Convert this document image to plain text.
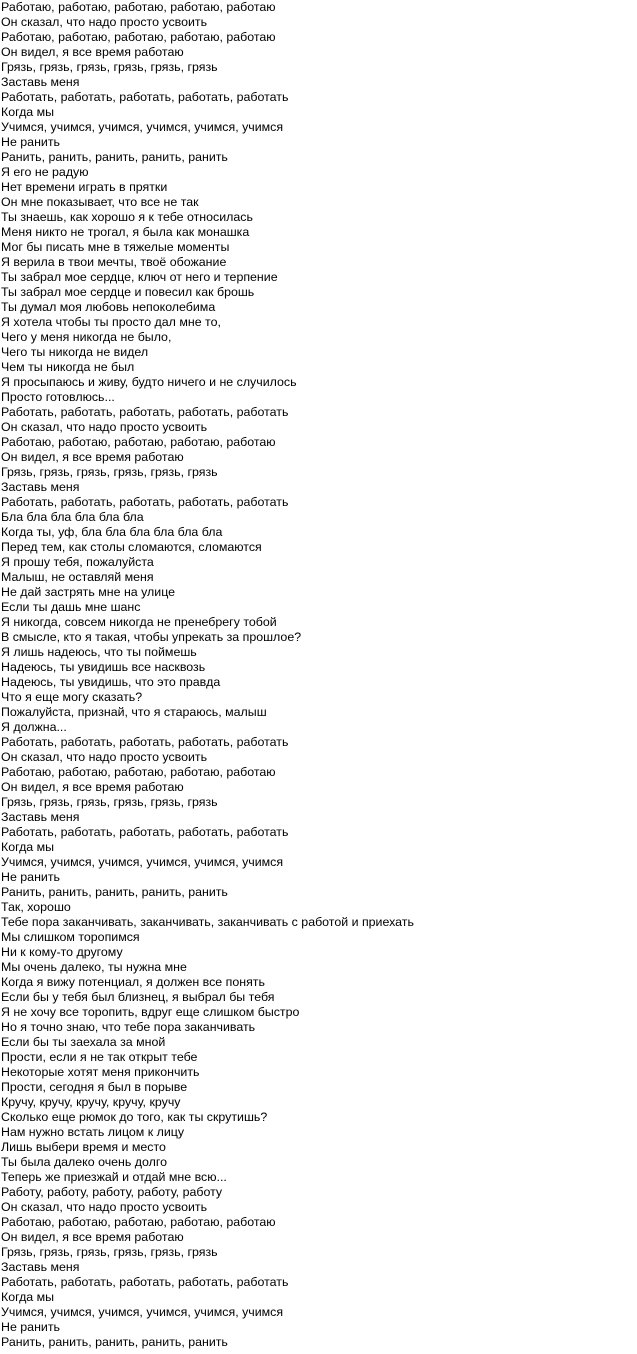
Работаю, работаю, работаю, работаю, работаю
Он сказал, что надо просто усвоить
Работаю, работаю, работаю, работаю, работаю
Он видел, я все время работаю
Грязь, грязь, грязь, грязь, грязь, грязь
Заставь меня
Работать, работать, работать, работать, работать
Когда мы
Учимся, учимся, учимся, учимся, учимся, учимся
Не ранить
Ранить, ранить, ранить, ранить, ранить
Я его не радую
Нет времени играть в прятки
Он мне показывает, что все не так
Ты знаешь, как хорошо я к тебе относилась
Меня никто не трогал, я была как монашка
Мог бы писать мне в тяжелые моменты
Я верила в твои мечты, твоё обожание
Ты забрал мое сердце, ключ от него и терпение
Ты забрал мое сердце и повесил как брошь
Ты думал моя любовь непоколебима
Я хотела чтобы ты просто дал мне то,
Чего у меня никогда не было,
Чего ты никогда не видел
Чем ты никогда не был
Я просыпаюсь и живу, будто ничего и не случилось
Просто готовлюсь...
Работать, работать, работать, работать, работать
Он сказал, что надо просто усвоить
Работаю, работаю, работаю, работаю, работаю
Он видел, я все время работаю
Грязь, грязь, грязь, грязь, грязь, грязь
Заставь меня
Работать, работать, работать, работать, работать
Бла бла бла бла бла бла
Когда ты, уф, бла бла бла бла бла бла
Перед тем, как столы сломаются, сломаются
Я прошу тебя, пожалуйста
Малыш, не оставляй меня
Не дай застрять мне на улице
Если ты дашь мне шанс
Я никогда, совсем никогда не пренебрегу тобой
В смысле, кто я такая, чтобы упрекать за прошлое?
Я лишь надеюсь, что ты поймешь
Надеюсь, ты увидишь все насквозь
Надеюсь, ты увидишь, что это правда
Что я еще могу сказать?
Пожалуйста, признай, что я стараюсь, малыш
Я должна...
Работать, работать, работать, работать, работать
Он сказал, что надо просто усвоить
Работаю, работаю, работаю, работаю, работаю
Он видел, я все время работаю
Грязь, грязь, грязь, грязь, грязь, грязь
Заставь меня
Работать, работать, работать, работать, работать
Когда мы
Учимся, учимся, учимся, учимся, учимся, учимся
Не ранить
Ранить, ранить, ранить, ранить, ранить
Так, хорошо
Тебе пора заканчивать, заканчивать, заканчивать с работой и приехать
Мы слишком торопимся
Ни к кому-то другому
Мы очень далеко, ты нужна мне
Когда я вижу потенциал, я должен все понять
Если бы у тебя был близнец, я выбрал бы тебя
Я не хочу все торопить, вдруг еще слишком быстро
Но я точно знаю, что тебе пора заканчивать
Если бы ты заехала за мной
Прости, если я не так открыт тебе
Некоторые хотят меня прикончить
Прости, сегодня я был в порыве
Кручу, кручу, кручу, кручу, кручу
Сколько еще рюмок до того, как ты скрутишь?
Нам нужно встать лицом к лицу
Лишь выбери время и место
Ты была далеко очень долго
Теперь же приезжай и отдай мне всю...
Работу, работу, работу, работу, работу
Он сказал, что надо просто усвоить
Работаю, работаю, работаю, работаю, работаю
Он видел, я все время работаю
Грязь, грязь, грязь, грязь, грязь, грязь
Заставь меня
Работать, работать, работать, работать, работать
Когда мы
Учимся, учимся, учимся, учимся, учимся, учимся
Не ранить
Ранить, ранить, ранить, ранить, ранить
